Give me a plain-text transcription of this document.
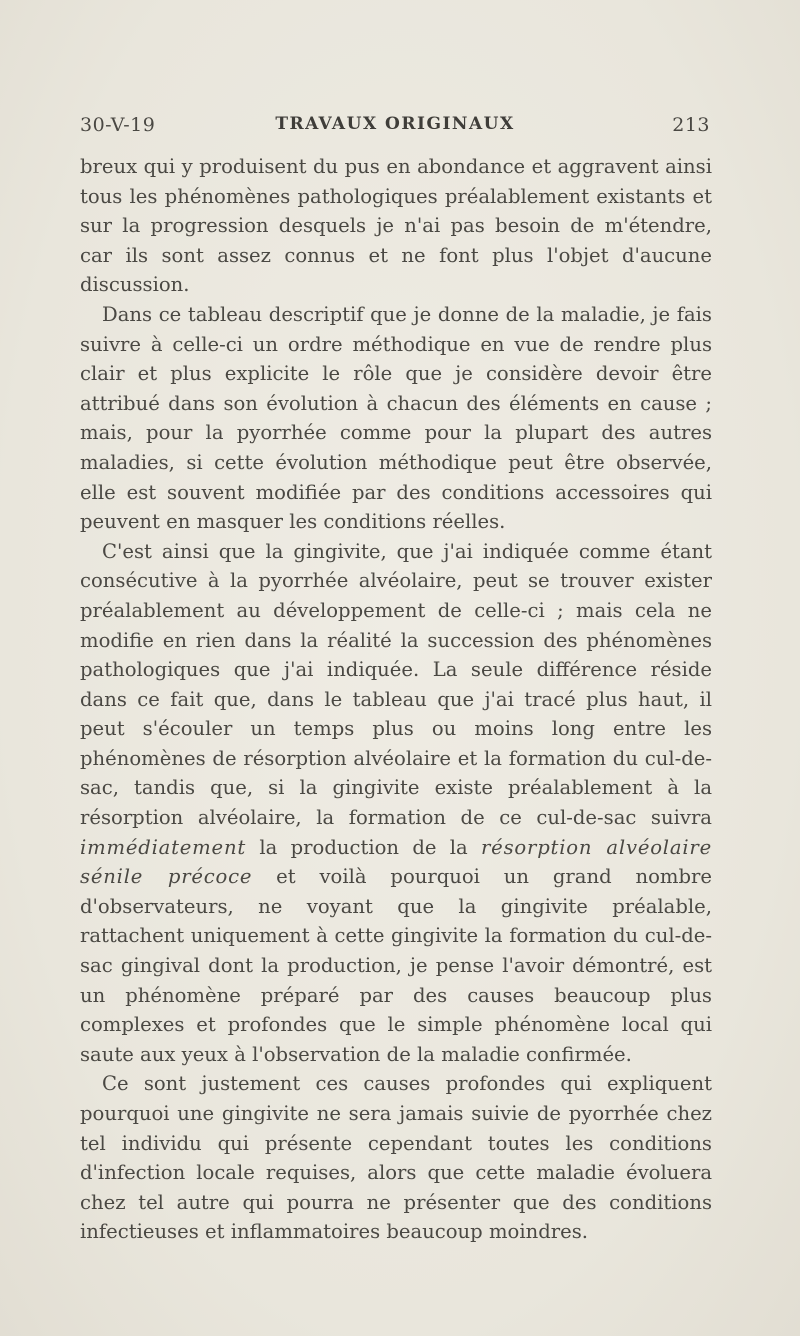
30-V-19	TRAVAUX ORIGINAUX	213

breux qui y produisent du pus en abondance et aggravent ainsi tous les phénomènes pathologiques préalablement existants et sur la progression desquels je n'ai pas besoin de m'étendre, car ils sont assez connus et ne font plus l'objet d'aucune discussion.

Dans ce tableau descriptif que je donne de la maladie, je fais suivre à celle-ci un ordre méthodique en vue de rendre plus clair et plus explicite le rôle que je considère devoir être attribué dans son évolution à chacun des éléments en cause ; mais, pour la pyorrhée comme pour la plupart des autres maladies, si cette évolution méthodique peut être observée, elle est souvent modifiée par des conditions accessoires qui peuvent en masquer les conditions réelles.

C'est ainsi que la gingivite, que j'ai indiquée comme étant consécutive à la pyorrhée alvéolaire, peut se trouver exister préalablement au développement de celle-ci ; mais cela ne modifie en rien dans la réalité la succession des phénomènes pathologiques que j'ai indiquée. La seule différence réside dans ce fait que, dans le tableau que j'ai tracé plus haut, il peut s'écouler un temps plus ou moins long entre les phénomènes de résorption alvéolaire et la formation du cul-de-sac, tandis que, si la gingivite existe préalablement à la résorption alvéolaire, la formation de ce cul-de-sac suivra immédiatement la production de la résorption alvéolaire sénile précoce et voilà pourquoi un grand nombre d'observateurs, ne voyant que la gingivite préalable, rattachent uniquement à cette gingivite la formation du cul-de-sac gingival dont la production, je pense l'avoir démontré, est un phénomène préparé par des causes beaucoup plus complexes et profondes que le simple phénomène local qui saute aux yeux à l'observation de la maladie confirmée.

Ce sont justement ces causes profondes qui expliquent pourquoi une gingivite ne sera jamais suivie de pyorrhée chez tel individu qui présente cependant toutes les conditions d'infection locale requises, alors que cette maladie évoluera chez tel autre qui pourra ne présenter que des conditions infectieuses et inflammatoires beaucoup moindres.
